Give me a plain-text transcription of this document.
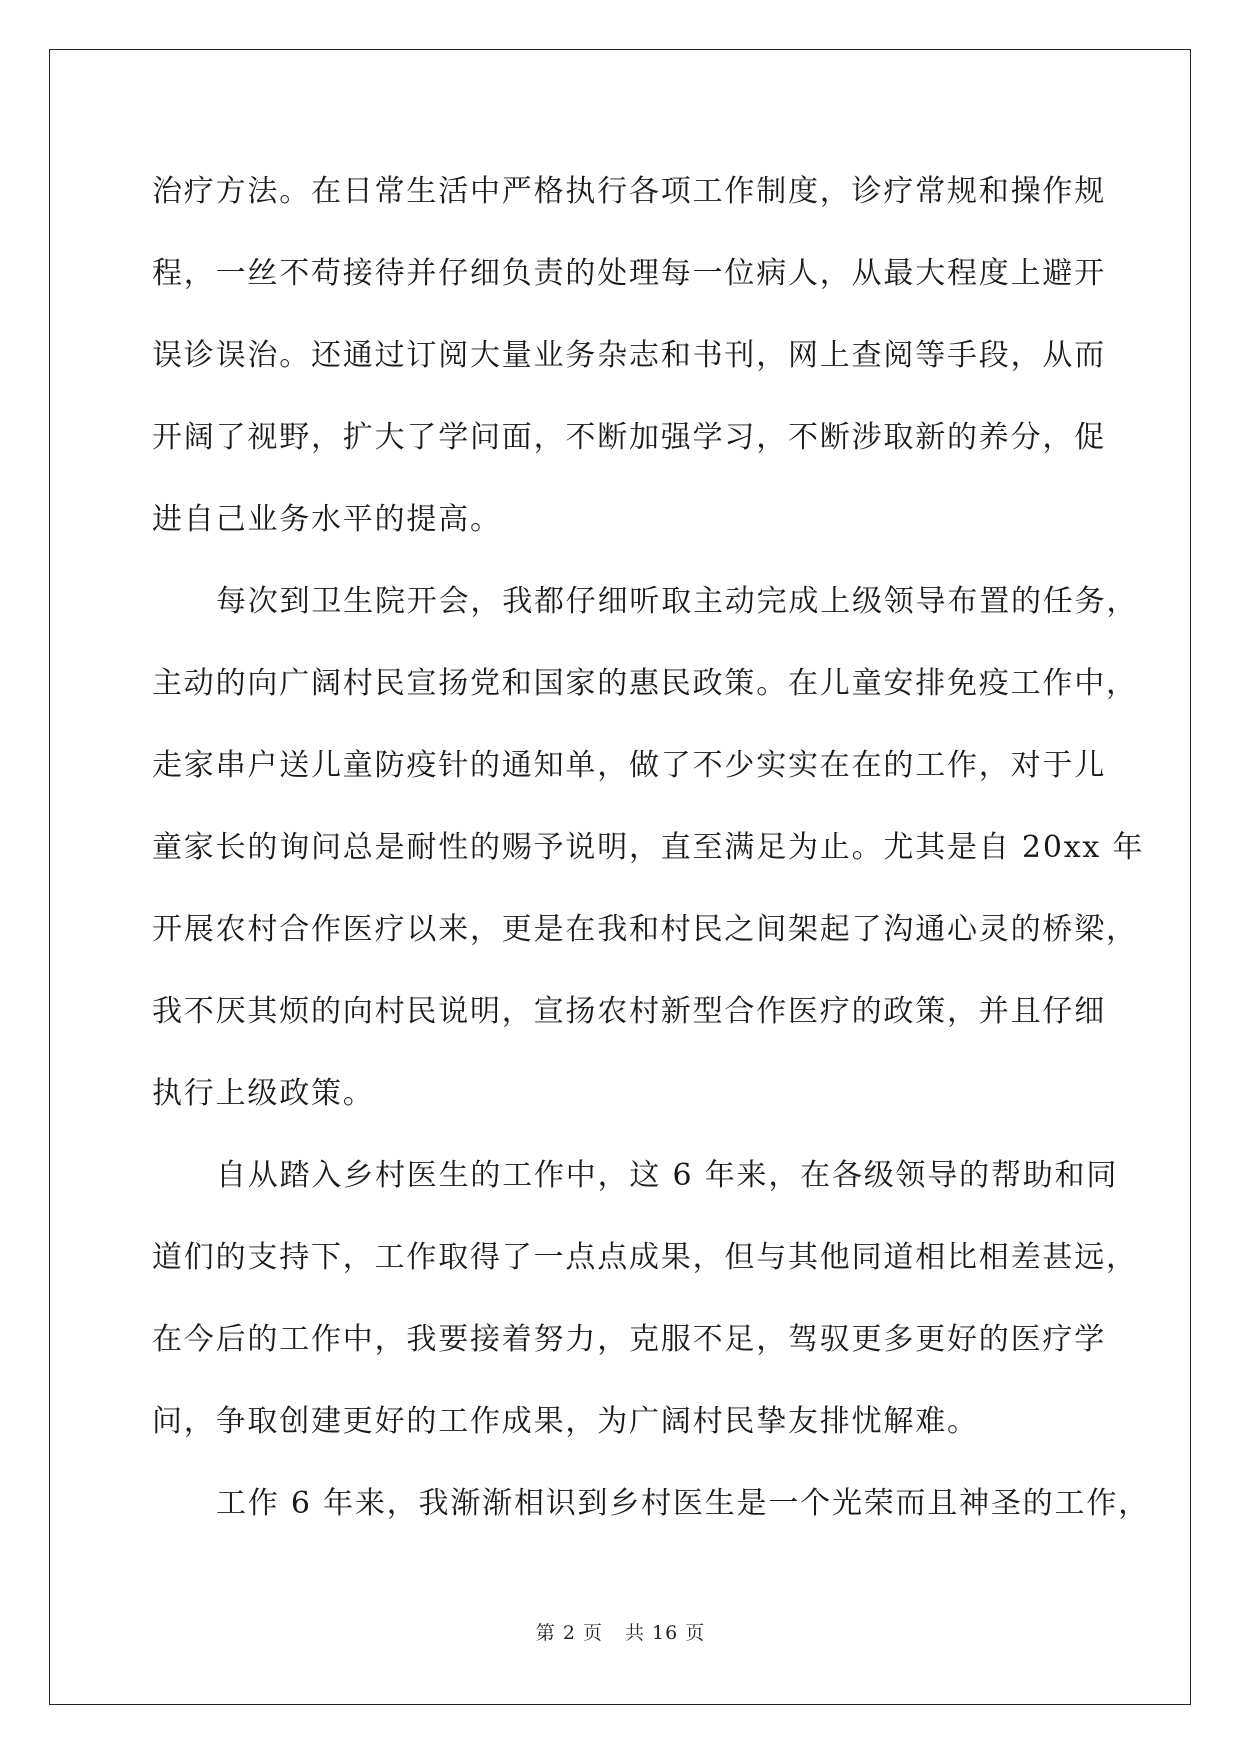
治疗方法。在日常生活中严格执行各项工作制度，诊疗常规和操作规
程，一丝不苟接待并仔细负责的处理每一位病人，从最大程度上避开
误诊误治。还通过订阅大量业务杂志和书刊，网上查阅等手段，从而
开阔了视野，扩大了学问面，不断加强学习，不断涉取新的养分，促
进自己业务水平的提高。
每次到卫生院开会，我都仔细听取主动完成上级领导布置的任务，
主动的向广阔村民宣扬党和国家的惠民政策。在儿童安排免疫工作中，
走家串户送儿童防疫针的通知单，做了不少实实在在的工作，对于儿
童家长的询问总是耐性的赐予说明，直至满足为止。尤其是自 20xx 年
开展农村合作医疗以来，更是在我和村民之间架起了沟通心灵的桥梁，
我不厌其烦的向村民说明，宣扬农村新型合作医疗的政策，并且仔细
执行上级政策。
自从踏入乡村医生的工作中，这 6 年来，在各级领导的帮助和同
道们的支持下，工作取得了一点点成果，但与其他同道相比相差甚远，
在今后的工作中，我要接着努力，克服不足，驾驭更多更好的医疗学
问，争取创建更好的工作成果，为广阔村民挚友排忧解难。
工作 6 年来，我渐渐相识到乡村医生是一个光荣而且神圣的工作，
第 2 页 共 16 页
